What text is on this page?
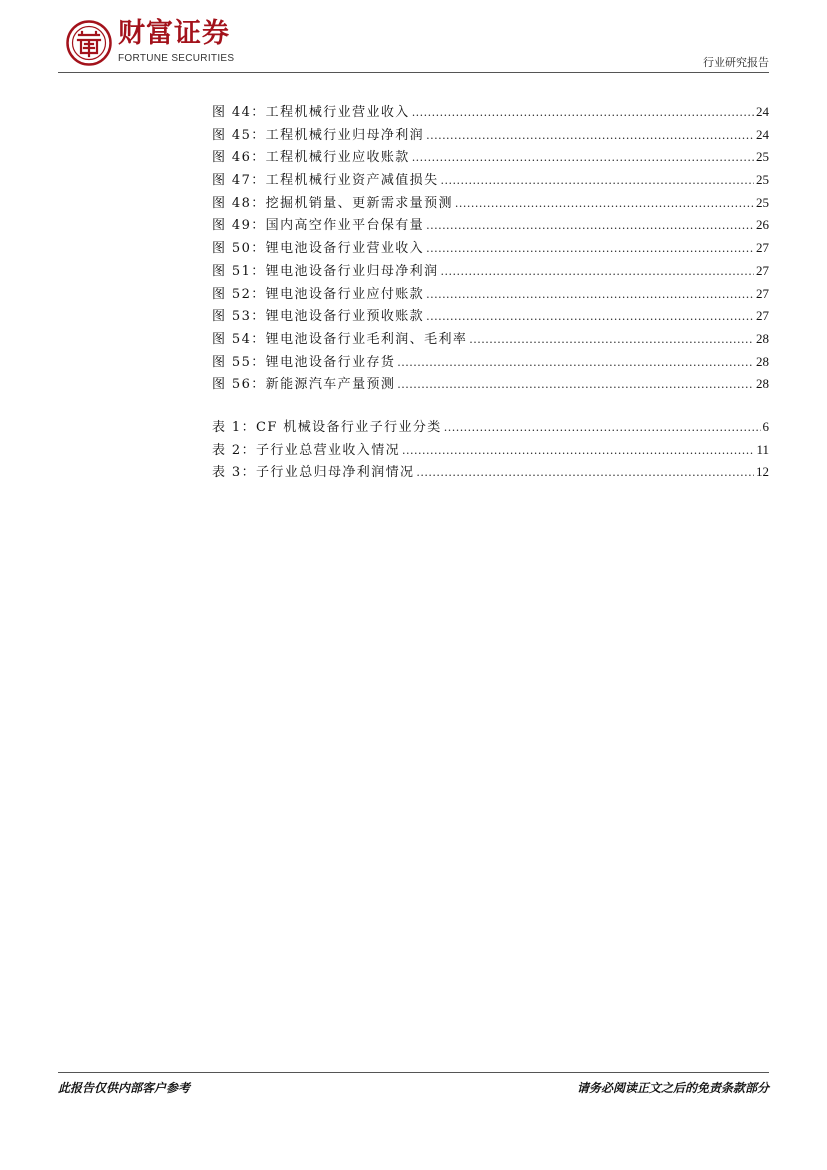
财富证券
FORTUNE SECURITIES	行业研究报告
图 44：工程机械行业营业收入 .....	24
图 45：工程机械行业归母净利润 .....	24
图 46：工程机械行业应收账款 .....	25
图 47：工程机械行业资产减值损失 .....	25
图 48：挖掘机销量、更新需求量预测 .....	25
图 49：国内高空作业平台保有量 .....	26
图 50：锂电池设备行业营业收入 .....	27
图 51：锂电池设备行业归母净利润 .....	27
图 52：锂电池设备行业应付账款 .....	27
图 53：锂电池设备行业预收账款 .....	27
图 54：锂电池设备行业毛利润、毛利率 .....	28
图 55：锂电池设备行业存货 .....	28
图 56：新能源汽车产量预测 .....	28
表 1：CF 机械设备行业子行业分类 .....	6
表 2：子行业总营业收入情况 .....	11
表 3：子行业总归母净利润情况 .....	12
此报告仅供内部客户参考	请务必阅读正文之后的免责条款部分
